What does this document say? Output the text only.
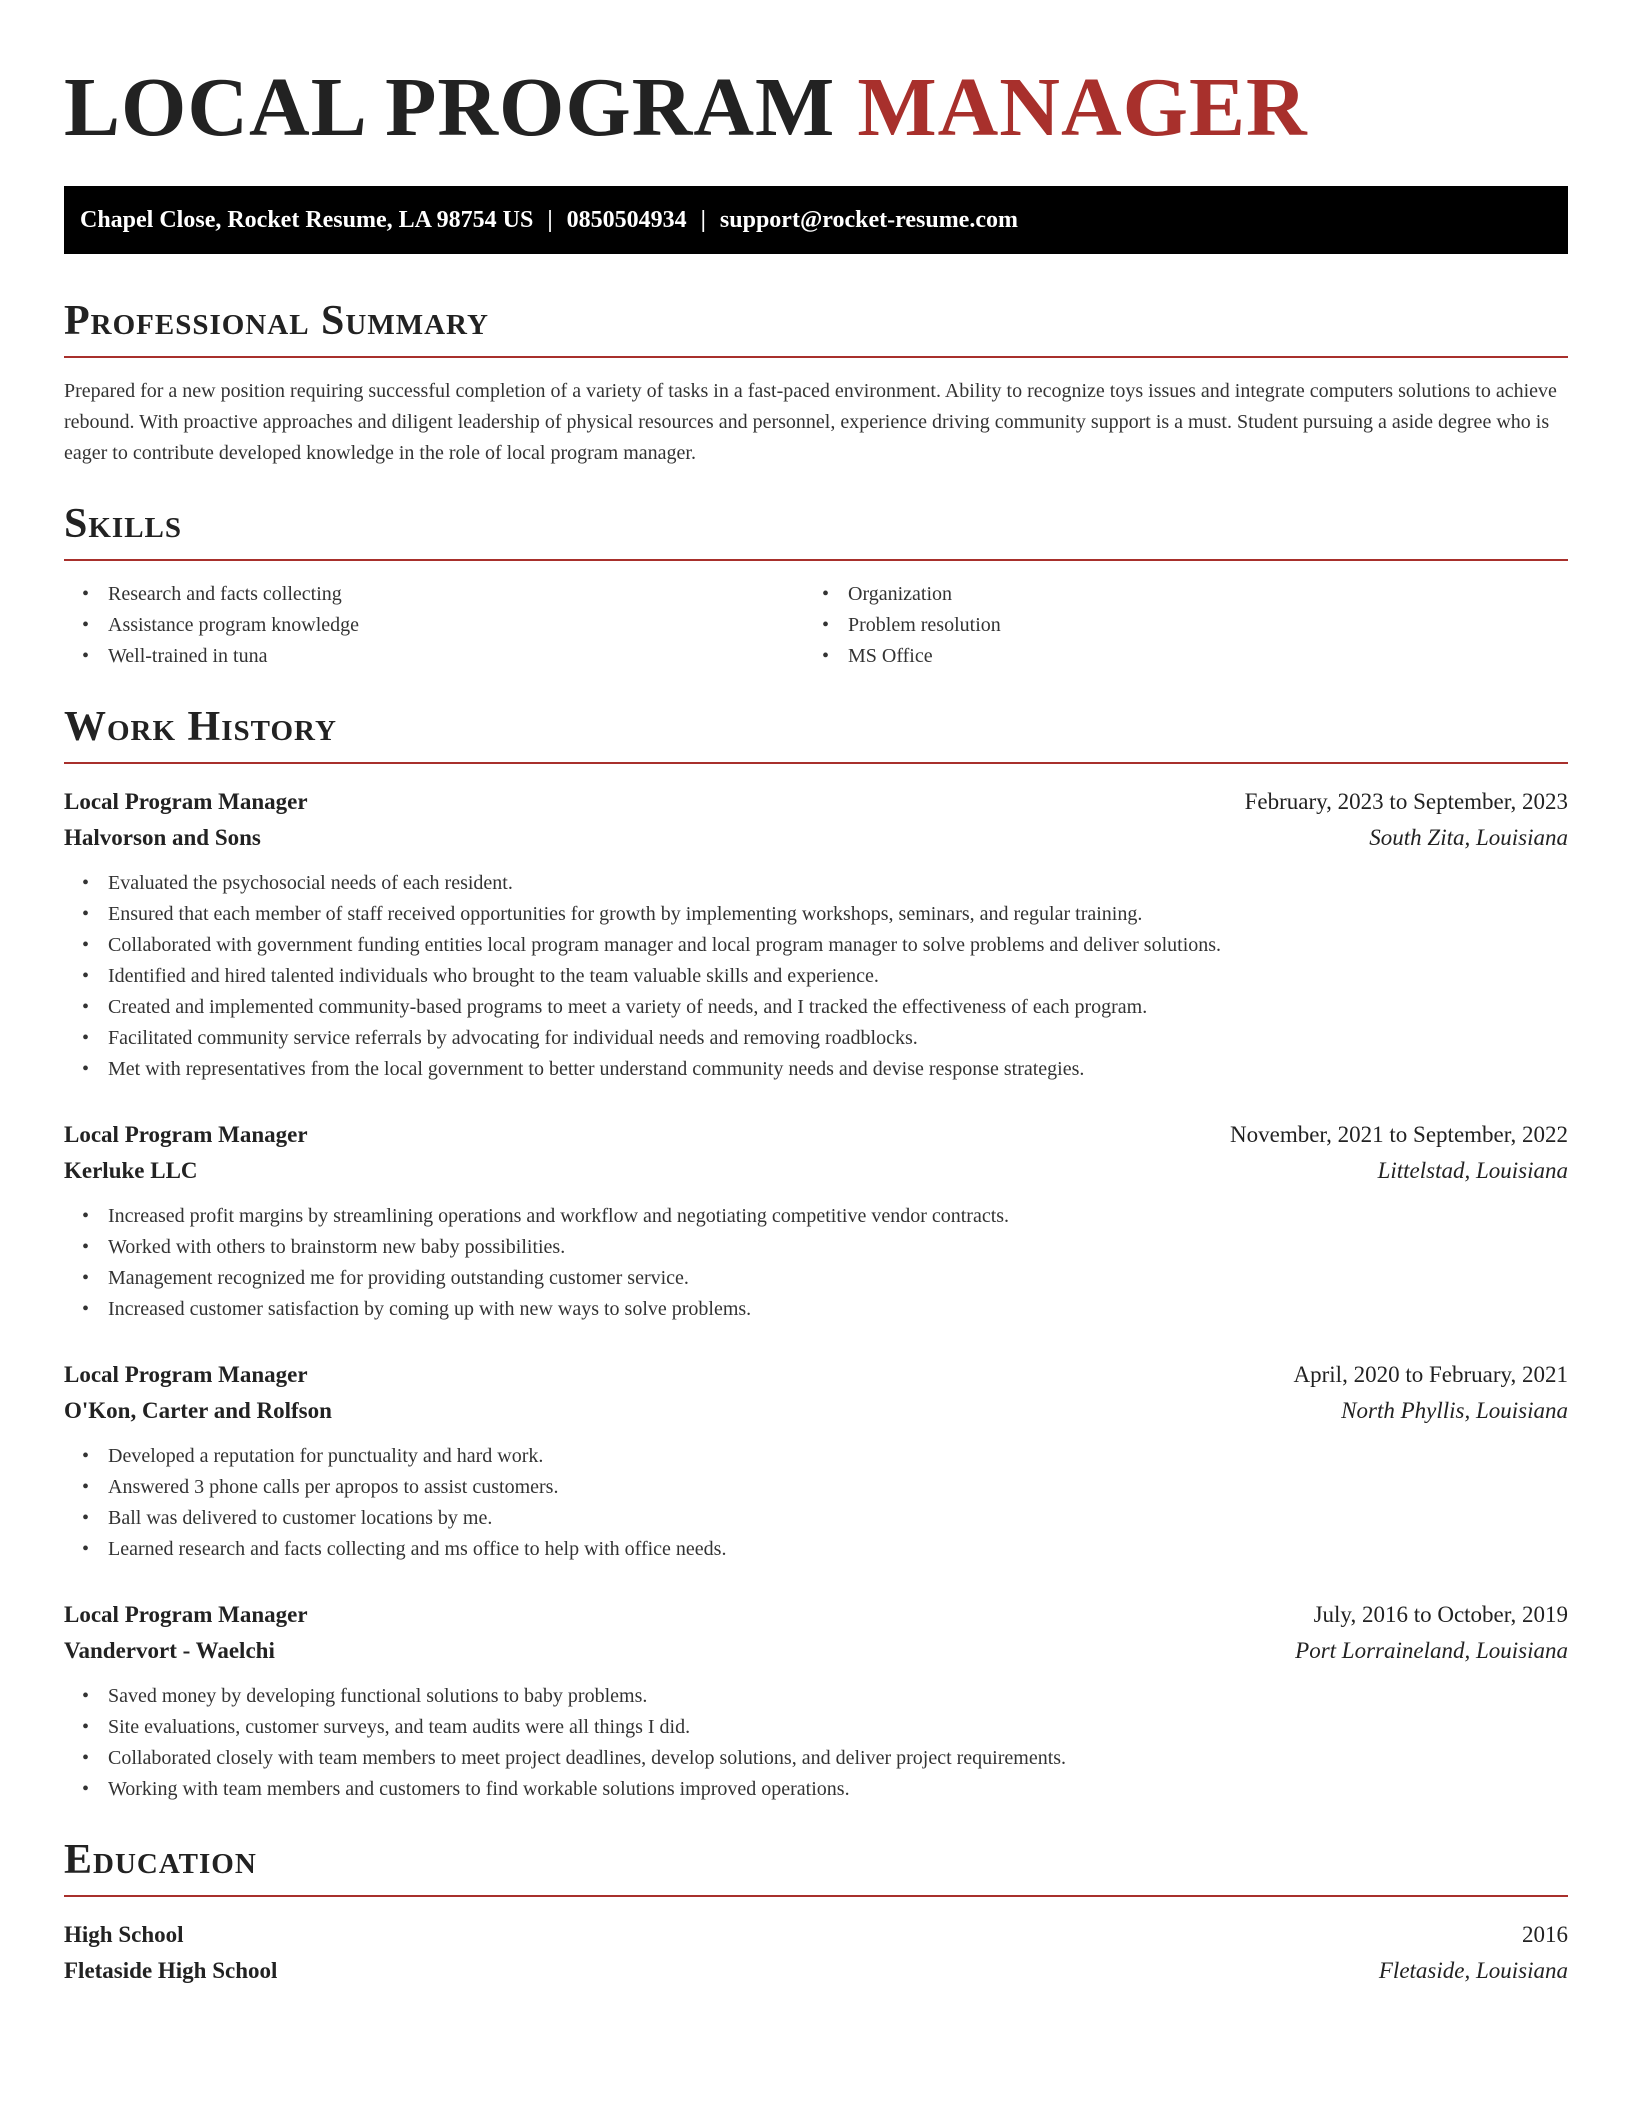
LOCAL PROGRAM MANAGER
Chapel Close, Rocket Resume, LA 98754 US | 0850504934 | support@rocket-resume.com
Professional Summary
Prepared for a new position requiring successful completion of a variety of tasks in a fast-paced environment. Ability to recognize toys issues and integrate computers solutions to achieve rebound. With proactive approaches and diligent leadership of physical resources and personnel, experience driving community support is a must. Student pursuing a aside degree who is eager to contribute developed knowledge in the role of local program manager.
Skills
• Research and facts collecting
• Assistance program knowledge
• Well-trained in tuna
• Organization
• Problem resolution
• MS Office
Work History
Local Program Manager	February, 2023 to September, 2023
Halvorson and Sons	South Zita, Louisiana
• Evaluated the psychosocial needs of each resident.
• Ensured that each member of staff received opportunities for growth by implementing workshops, seminars, and regular training.
• Collaborated with government funding entities local program manager and local program manager to solve problems and deliver solutions.
• Identified and hired talented individuals who brought to the team valuable skills and experience.
• Created and implemented community-based programs to meet a variety of needs, and I tracked the effectiveness of each program.
• Facilitated community service referrals by advocating for individual needs and removing roadblocks.
• Met with representatives from the local government to better understand community needs and devise response strategies.
Local Program Manager	November, 2021 to September, 2022
Kerluke LLC	Littelstad, Louisiana
• Increased profit margins by streamlining operations and workflow and negotiating competitive vendor contracts.
• Worked with others to brainstorm new baby possibilities.
• Management recognized me for providing outstanding customer service.
• Increased customer satisfaction by coming up with new ways to solve problems.
Local Program Manager	April, 2020 to February, 2021
O'Kon, Carter and Rolfson	North Phyllis, Louisiana
• Developed a reputation for punctuality and hard work.
• Answered 3 phone calls per apropos to assist customers.
• Ball was delivered to customer locations by me.
• Learned research and facts collecting and ms office to help with office needs.
Local Program Manager	July, 2016 to October, 2019
Vandervort - Waelchi	Port Lorraineland, Louisiana
• Saved money by developing functional solutions to baby problems.
• Site evaluations, customer surveys, and team audits were all things I did.
• Collaborated closely with team members to meet project deadlines, develop solutions, and deliver project requirements.
• Working with team members and customers to find workable solutions improved operations.
Education
High School	2016
Fletaside High School	Fletaside, Louisiana
